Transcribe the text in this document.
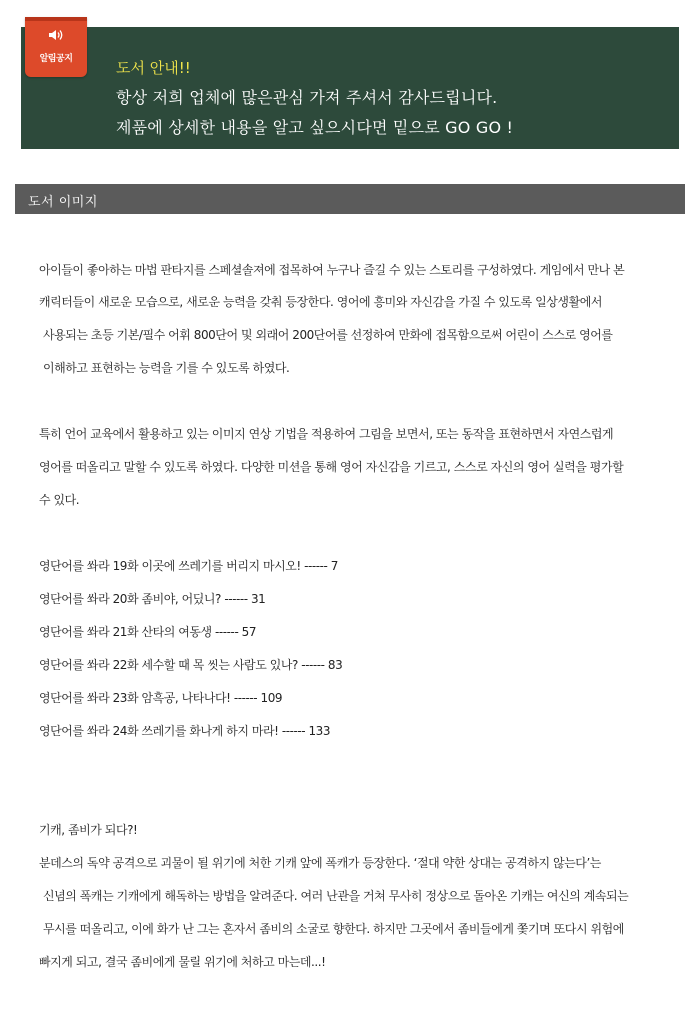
알림공지	도서 안내!!
항상 저희 업체에 많은관심 가져 주셔서 감사드립니다.
제품에 상세한 내용을 알고 싶으시다면 밑으로 GO GO !
도서 이미지
아이들이 좋아하는 마법 판타지를 스페셜솔져에 접목하여 누구나 즐길 수 있는 스토리를 구성하였다. 게임에서 만나 본
캐릭터들이 새로운 모습으로, 새로운 능력을 갖춰 등장한다. 영어에 흥미와 자신감을 가질 수 있도록 일상생활에서
사용되는 초등 기본/필수 어휘 800단어 및 외래어 200단어를 선정하여 만화에 접목함으로써 어린이 스스로 영어를
이해하고 표현하는 능력을 기를 수 있도록 하였다.
특히 언어 교육에서 활용하고 있는 이미지 연상 기법을 적용하여 그림을 보면서, 또는 동작을 표현하면서 자연스럽게
영어를 떠올리고 말할 수 있도록 하였다. 다양한 미션을 통해 영어 자신감을 기르고, 스스로 자신의 영어 실력을 평가할
수 있다.
영단어를 쏴라 19화 이곳에 쓰레기를 버리지 마시오! ------ 7
영단어를 쏴라 20화 좀비야, 어딨니? ------ 31
영단어를 쏴라 21화 산타의 여동생 ------ 57
영단어를 쏴라 22화 세수할 때 목 씻는 사람도 있나? ------ 83
영단어를 쏴라 23화 암흑공, 나타나다! ------ 109
영단어를 쏴라 24화 쓰레기를 화나게 하지 마라! ------ 133
기캐, 좀비가 되다?!
분데스의 독약 공격으로 괴물이 될 위기에 처한 기캐 앞에 폭캐가 등장한다. ‘절대 약한 상대는 공격하지 않는다’는
신념의 폭캐는 기캐에게 해독하는 방법을 알려준다. 여러 난관을 거쳐 무사히 정상으로 돌아온 기캐는 여신의 계속되는
무시를 떠올리고, 이에 화가 난 그는 혼자서 좀비의 소굴로 향한다. 하지만 그곳에서 좀비들에게 쫓기며 또다시 위험에
빠지게 되고, 결국 좀비에게 물릴 위기에 처하고 마는데...!
